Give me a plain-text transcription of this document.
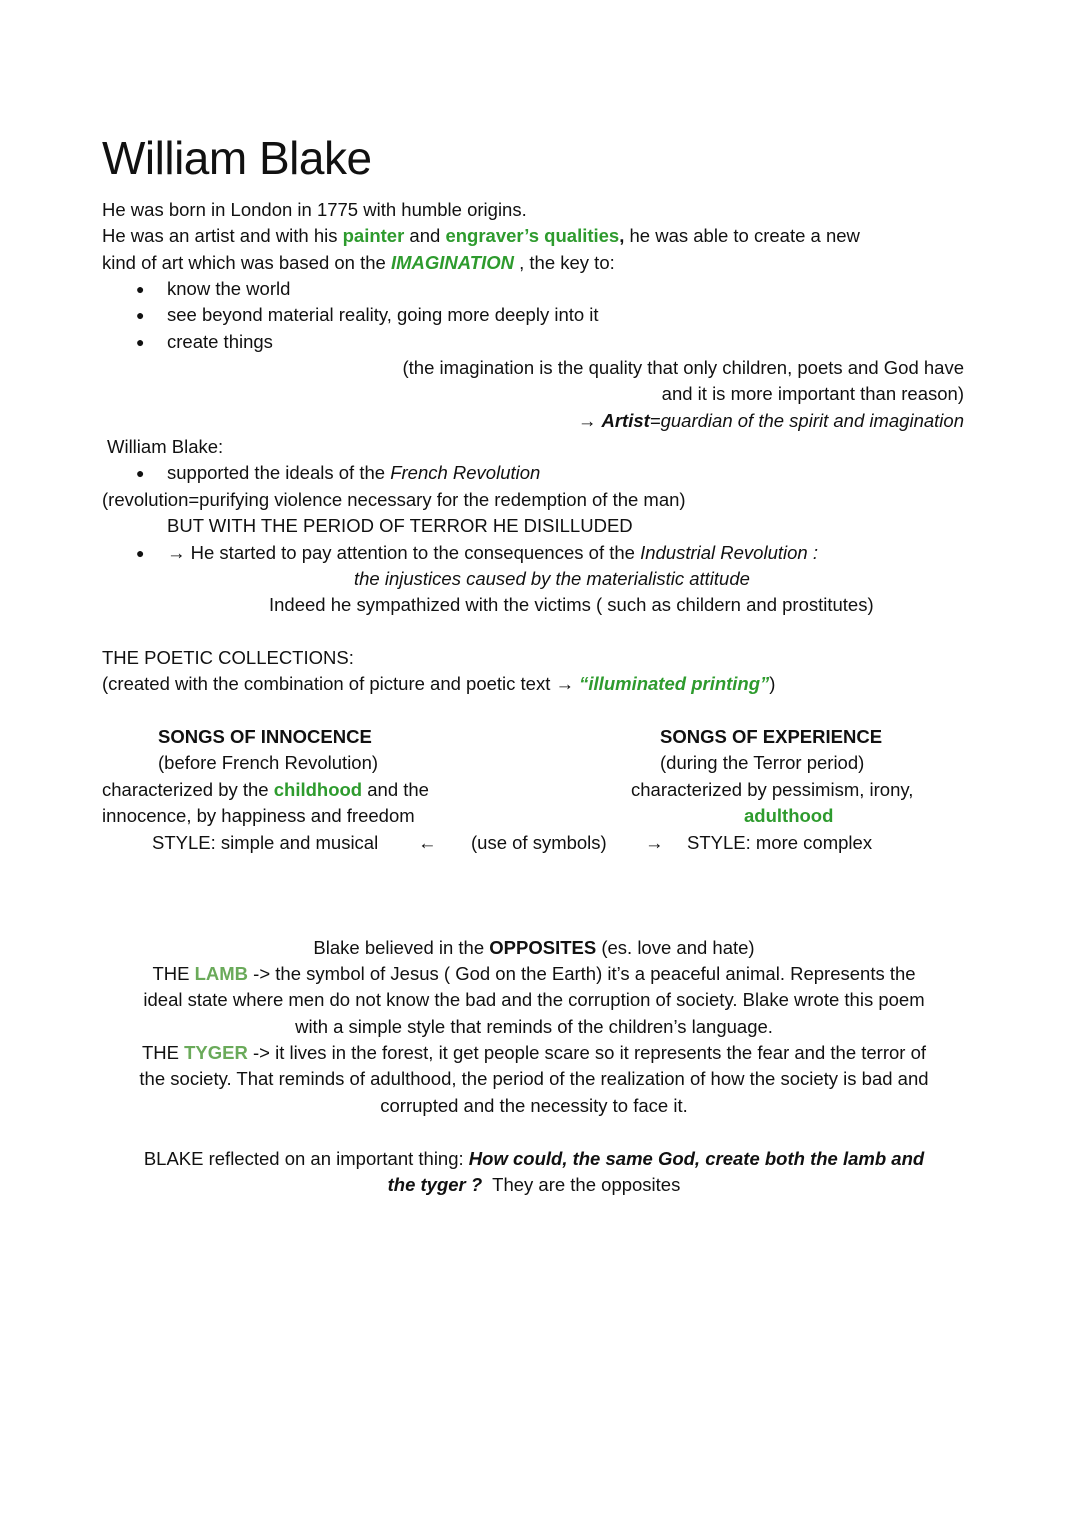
William Blake
He was born in London in 1775 with humble origins.
He was an artist and with his painter and engraver’s qualities, he was able to create a new
kind of art which was based on the IMAGINATION , the key to:
● know the world
● see beyond material reality, going more deeply into it
● create things
(the imagination is the quality that only children, poets and God have
and it is more important than reason)
→ Artist=guardian of the spirit and imagination
William Blake:
● supported the ideals of the French Revolution
(revolution=purifying violence necessary for the redemption of the man)
BUT WITH THE PERIOD OF TERROR HE DISILLUDED
● → He started to pay attention to the consequences of the Industrial Revolution :
the injustices caused by the materialistic attitude
Indeed he sympathized with the victims ( such as childern and prostitutes)
THE POETIC COLLECTIONS:
(created with the combination of picture and poetic text → “illuminated printing”)
SONGS OF INNOCENCE
(before French Revolution)
characterized by the childhood and the
innocence, by happiness and freedom
STYLE: simple and musical ← (use of symbols) →
SONGS OF EXPERIENCE
(during the Terror period)
characterized by pessimism, irony,
adulthood
STYLE: more complex
Blake believed in the OPPOSITES (es. love and hate)
THE LAMB -> the symbol of Jesus ( God on the Earth) it’s a peaceful animal. Represents the
ideal state where men do not know the bad and the corruption of society. Blake wrote this poem
with a simple style that reminds of the children’s language.
THE TYGER -> it lives in the forest, it get people scare so it represents the fear and the terror of
the society. That reminds of adulthood, the period of the realization of how the society is bad and
corrupted and the necessity to face it.
BLAKE reflected on an important thing: How could, the same God, create both the lamb and
the tyger ?  They are the opposites
